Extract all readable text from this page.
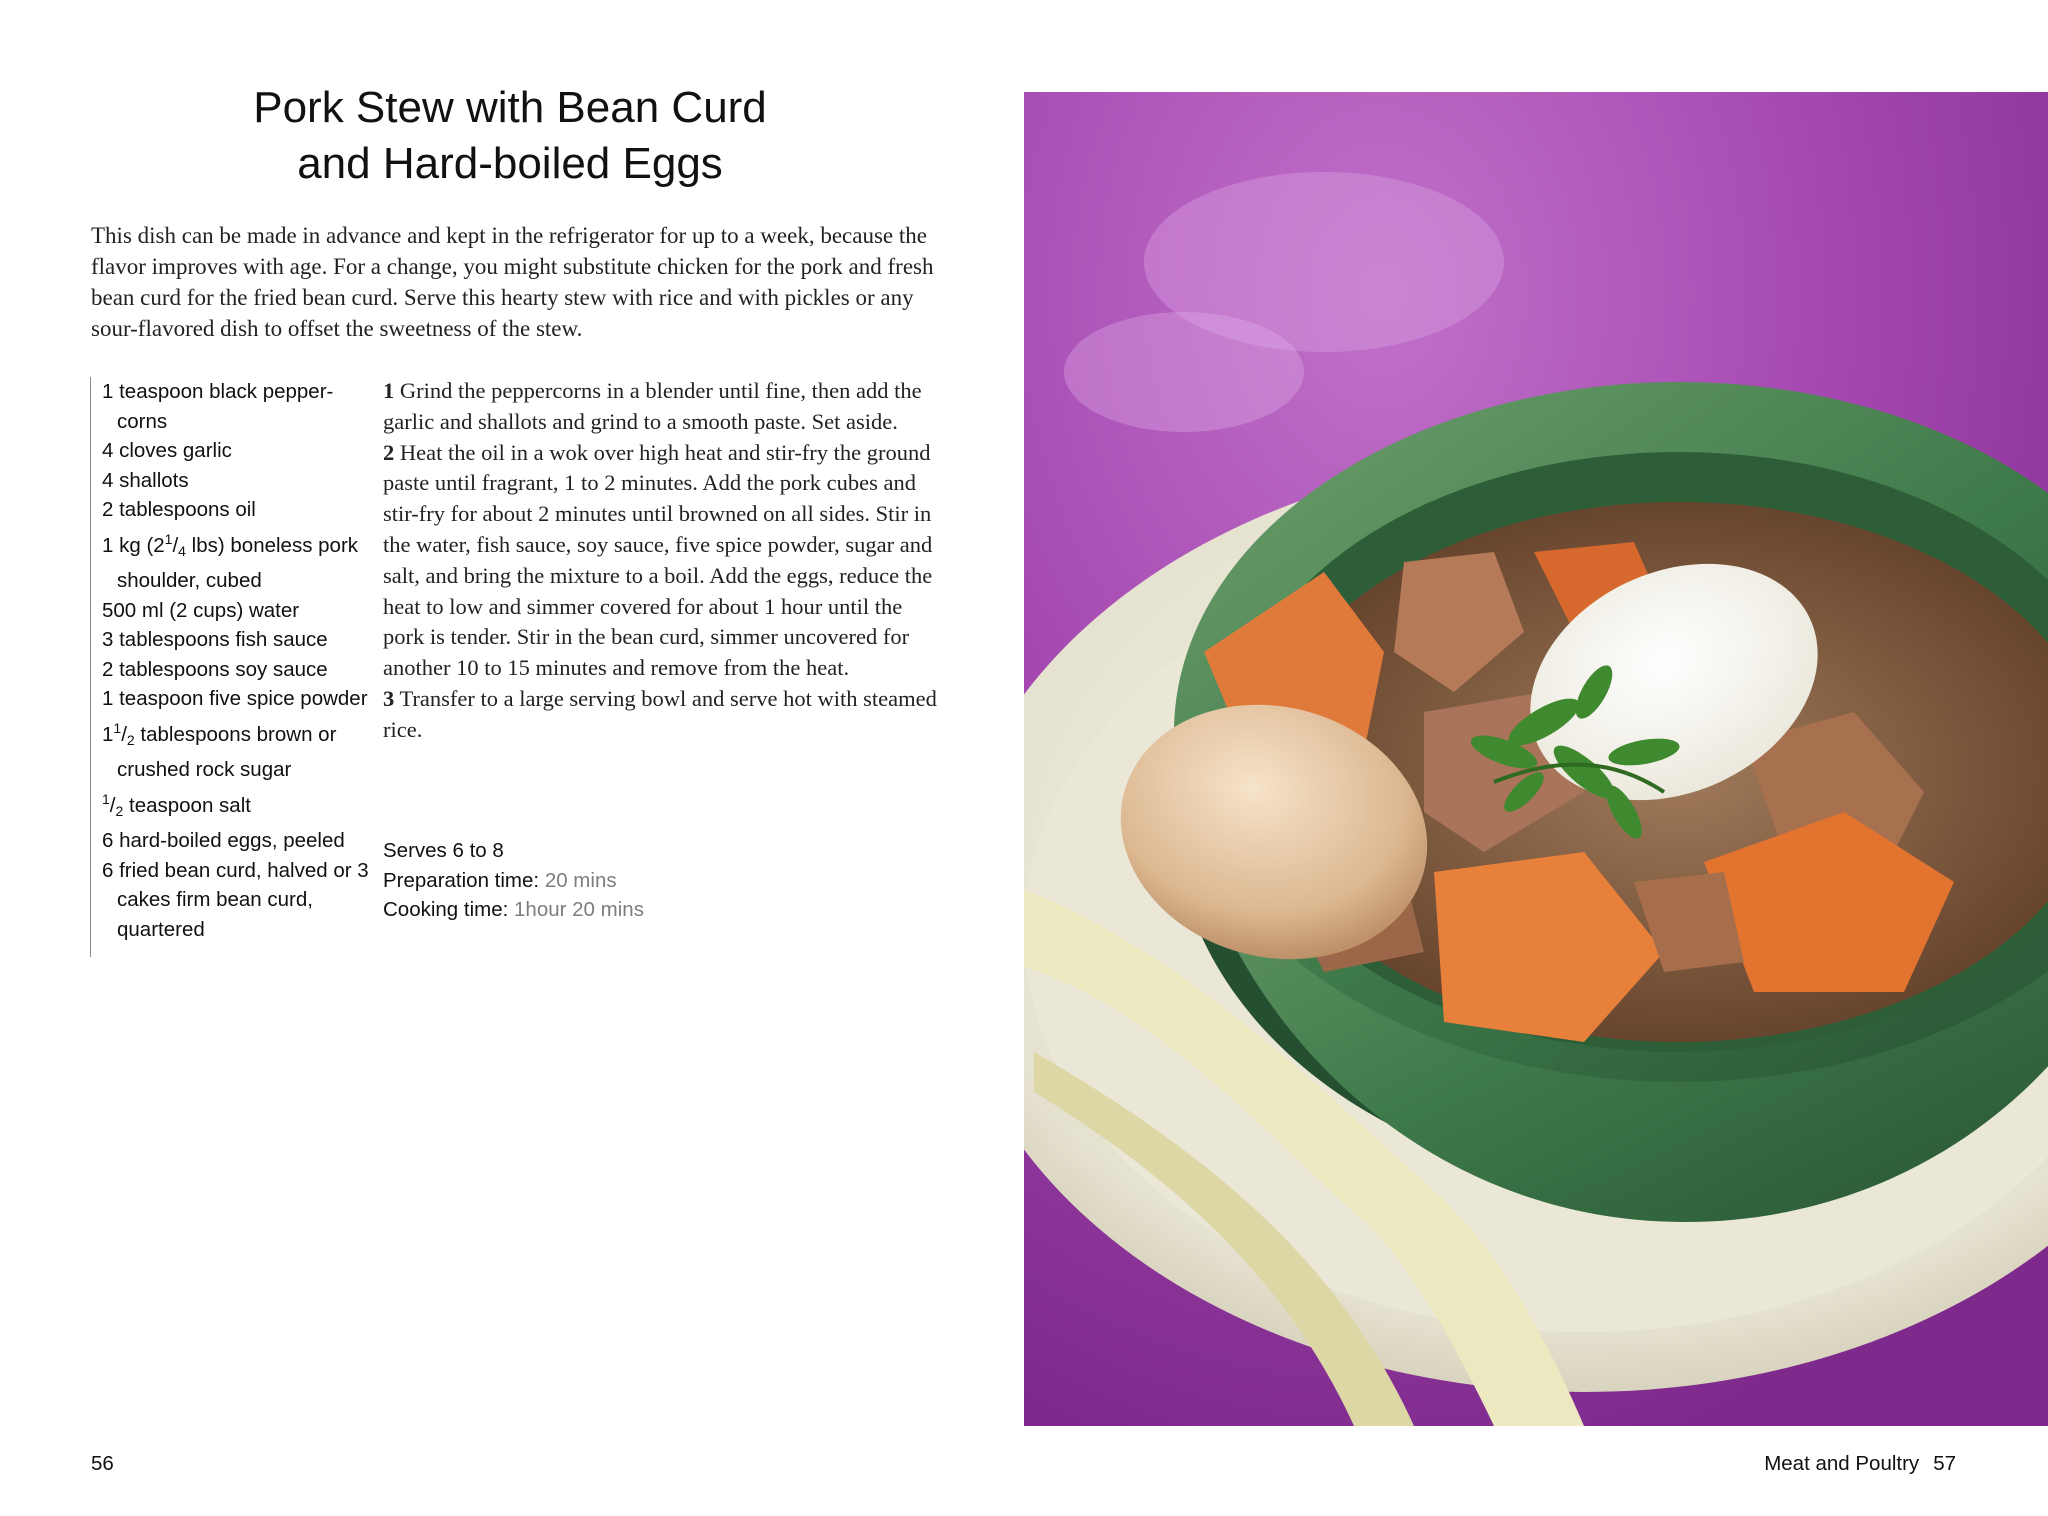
Pork Stew with Bean Curd
and Hard-boiled Eggs
This dish can be made in advance and kept in the refrigerator for up to a week, because the flavor improves with age. For a change, you might substitute chicken for the pork and fresh bean curd for the fried bean curd. Serve this hearty stew with rice and with pickles or any sour-flavored dish to offset the sweetness of the stew.
1 teaspoon black pepper- corns
4 cloves garlic
4 shallots
2 tablespoons oil
1 kg ($2^1/_4$ lbs) boneless pork shoulder, cubed
500 ml (2 cups) water
3 tablespoons fish sauce
2 tablespoons soy sauce
1 teaspoon five spice powder
$1^1/_2$ tablespoons brown or crushed rock sugar
$^1/_2$ teaspoon salt
6 hard-boiled eggs, peeled
6 fried bean curd, halved or 3 cakes firm bean curd, quartered

1 Grind the peppercorns in a blender until fine, then add the garlic and shallots and grind to a smooth paste. Set aside.

2 Heat the oil in a wok over high heat and stir-fry the ground paste until fragrant, 1 to 2 minutes. Add the pork cubes and stir-fry for about 2 minutes until browned on all sides. Stir in the water, fish sauce, soy sauce, five spice powder, sugar and salt, and bring the mixture to a boil. Add the eggs, reduce the heat to low and simmer covered for about 1 hour until the pork is tender. Stir in the bean curd, simmer uncovered for another 10 to 15 minutes and remove from the heat.

3 Transfer to a large serving bowl and serve hot with steamed rice.

Serves 6 to 8
Preparation time: 20 mins
Cooking time: 1hour 20 mins
56	Meat and Poultry 57
